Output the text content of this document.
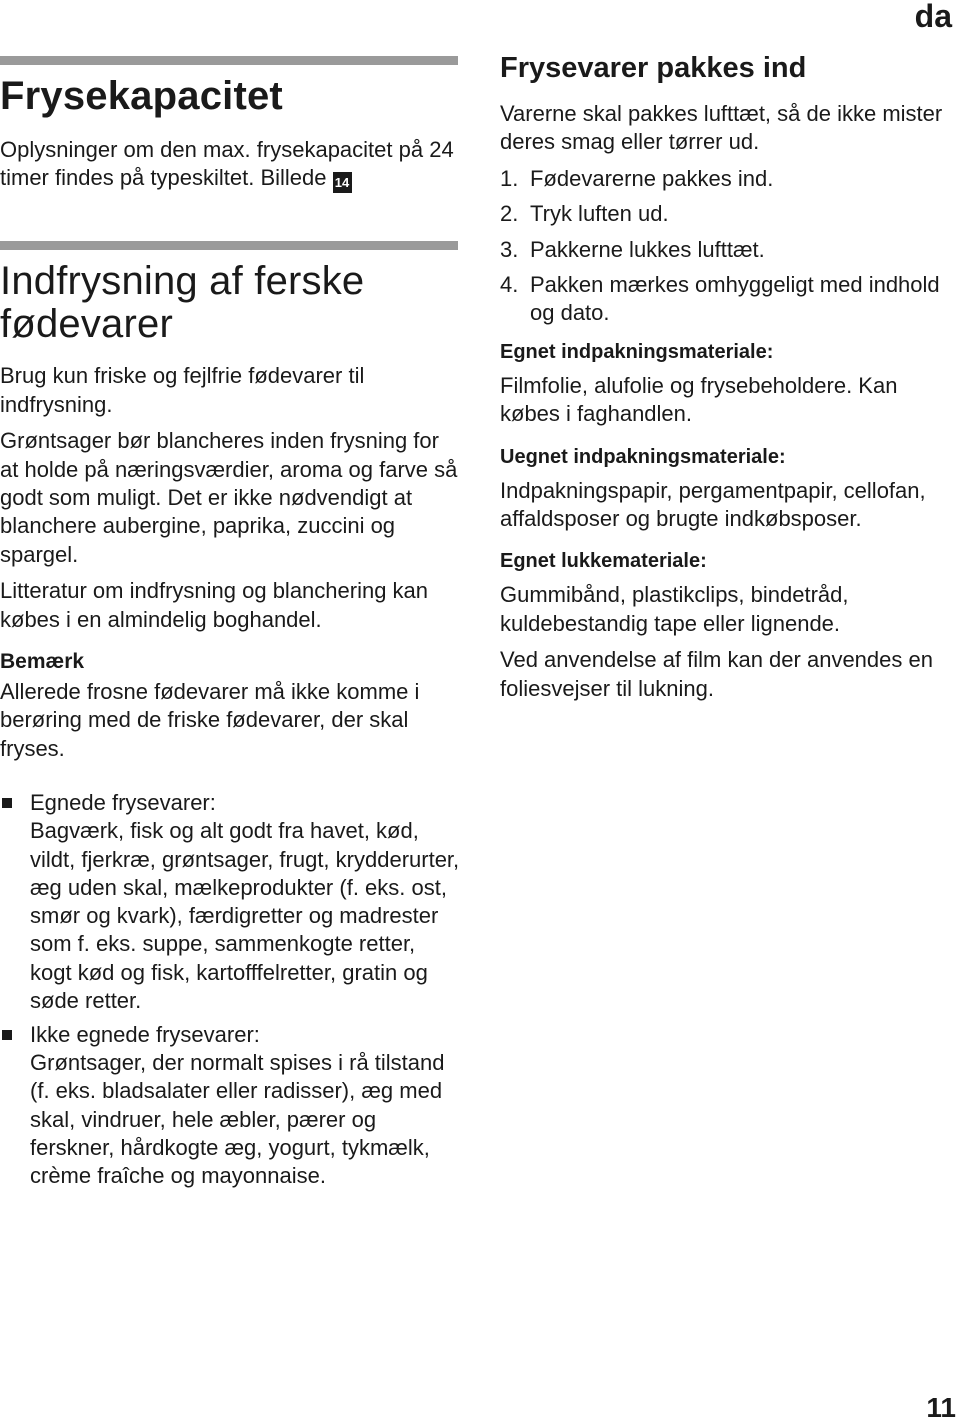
da
Frysekapacitet

Oplysninger om den max. frysekapacitet på 24 timer findes på typeskiltet. Billede 14

Indfrysning af ferske fødevarer

Brug kun friske og fejlfrie fødevarer til indfrysning.

Grøntsager bør blancheres inden frysning for at holde på næringsværdier, aroma og farve så godt som muligt. Det er ikke nødvendigt at blanchere aubergine, paprika, zuccini og spargel.

Litteratur om indfrysning og blanchering kan købes i en almindelig boghandel.

Bemærk

Allerede frosne fødevarer må ikke komme i berøring med de friske fødevarer, der skal fryses.

Egnede frysevarer:
Bagværk, fisk og alt godt fra havet, kød, vildt, fjerkræ, grøntsager, frugt, krydderurter, æg uden skal, mælkeprodukter (f. eks. ost, smør og kvark), færdigretter og madrester som f. eks. suppe, sammenkogte retter, kogt kød og fisk, kartofffelretter, gratin og søde retter.
Ikke egnede frysevarer:
Grøntsager, der normalt spises i rå tilstand (f. eks. bladsalater eller radisser), æg med skal, vindruer, hele æbler, pærer og ferskner, hårdkogte æg, yogurt, tykmælk, crème fraîche og mayonnaise.
Frysevarer pakkes ind

Varerne skal pakkes lufttæt, så de ikke mister deres smag eller tørrer ud.

1. Fødevarerne pakkes ind.
2. Tryk luften ud.
3. Pakkerne lukkes lufttæt.
4. Pakken mærkes omhyggeligt med indhold og dato.
Egnet indpakningsmateriale:

Filmfolie, alufolie og frysebeholdere. Kan købes i faghandlen.

Uegnet indpakningsmateriale:

Indpakningspapir, pergamentpapir, cellofan, affaldsposer og brugte indkøbsposer.

Egnet lukkemateriale:

Gummibånd, plastikclips, bindetråd, kuldebestandig tape eller lignende.

Ved anvendelse af film kan der anvendes en foliesvejser til lukning.

11
